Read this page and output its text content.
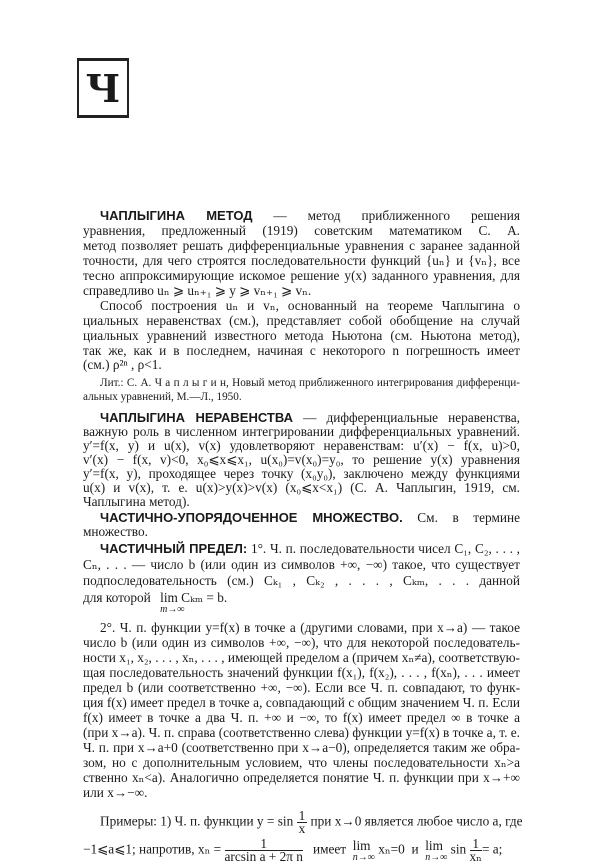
Ч
ЧАПЛЫГИНА МЕТОД — метод приближенного решения
уравнения, предложенный (1919) советским математиком С. А.
метод позволяет решать дифференциальные уравнения с заранее заданной
точности, для чего строятся последовательности функций {uₙ} и {vₙ}, все
тесно аппроксимирующие искомое решение y(x) заданного уравнения, для
справедливо uₙ ⩾ uₙ₊₁ ⩾ y ⩾ vₙ₊₁ ⩾ vₙ.
Способ построения uₙ и vₙ, основанный на теореме Чаплыгина о
циальных неравенствах (см.), представляет собой обобщение на случай
циальных уравнений известного метода Ньютона (см. Ньютона метод),
так же, как и в последнем, начиная с некоторого n погрешность имеет
(см.) ρ²ⁿ , ρ<1.
Лит.: С. А. Ч а п л ы г и н, Новый метод приближенного интегрирования дифференци-
альных уравнений, М.—Л., 1950.
ЧАПЛЫГИНА НЕРАВЕНСТВА — дифференциальные неравенства,
важную роль в численном интегрировании дифференциальных уравнений.
y′=f(x, y) и u(x), v(x) удовлетворяют неравенствам: u′(x) − f(x, u)>0,
v′(x) − f(x, v)<0, x₀⩽x⩽x₁, u(x₀)=v(x₀)=y₀, то решение y(x) уравнения
y′=f(x, y), проходящее через точку (x₀y₀), заключено между функциями
u(x) и v(x), т. е. u(x)>y(x)>v(x) (x₀⩽x<x₁) (С. А. Чаплыгин, 1919, см.
Чаплыгина метод).
ЧАСТИЧНО-УПОРЯДОЧЕННОЕ МНОЖЕСТВО. См. в термине
множество.
ЧАСТИЧНЫЙ ПРЕДЕЛ: 1°. Ч. п. последовательности чисел C₁, C₂, . . . ,
Cₙ, . . . — число b (или один из символов +∞, −∞) такое, что существует
подпоследовательность (см.) Cₖ₁ , Cₖ₂ , . . . , Cₖₘ, . . . данной
2°. Ч. п. функции y=f(x) в точке a (другими словами, при x→a) — такое
число b (или один из символов +∞, −∞), что для некоторой последователь-
ности x₁, x₂, . . . , xₙ, . . . , имеющей пределом a (причем xₙ≠a), соответствую-
щая последовательность значений функции f(x₁), f(x₂), . . . , f(xₙ), . . . имеет
предел b (или соответственно +∞, −∞). Если все Ч. п. совпадают, то функ-
ция f(x) имеет предел в точке a, совпадающий с общим значением Ч. п. Если
f(x) имеет в точке a два Ч. п. +∞ и −∞, то f(x) имеет предел ∞ в точке a
(при x→a). Ч. п. справа (соответственно слева) функции y=f(x) в точке a, т. е.
Ч. п. при x→a+0 (соответственно при x→a−0), определяется таким же обра-
зом, но с дополнительным условием, что члены последовательности xₙ>a
ственно xₙ<a). Аналогично определяется понятие Ч. п. функции при x→+∞
или x→−∞.
для которой lim Cₖₘ = b.
m→∞
Примеры: 1) Ч. п. функции $y = \sin \frac{1}{x}$ при x→0 является любое число a, где
−1⩽a⩽1; напротив, $x_n = \frac{1}{\text{arcsin a + 2π n}}$ имеет lim
n→∞
xₙ=0 и lim
n→∞
$\sin \frac{1}{\text{xₙ}} = a$;
